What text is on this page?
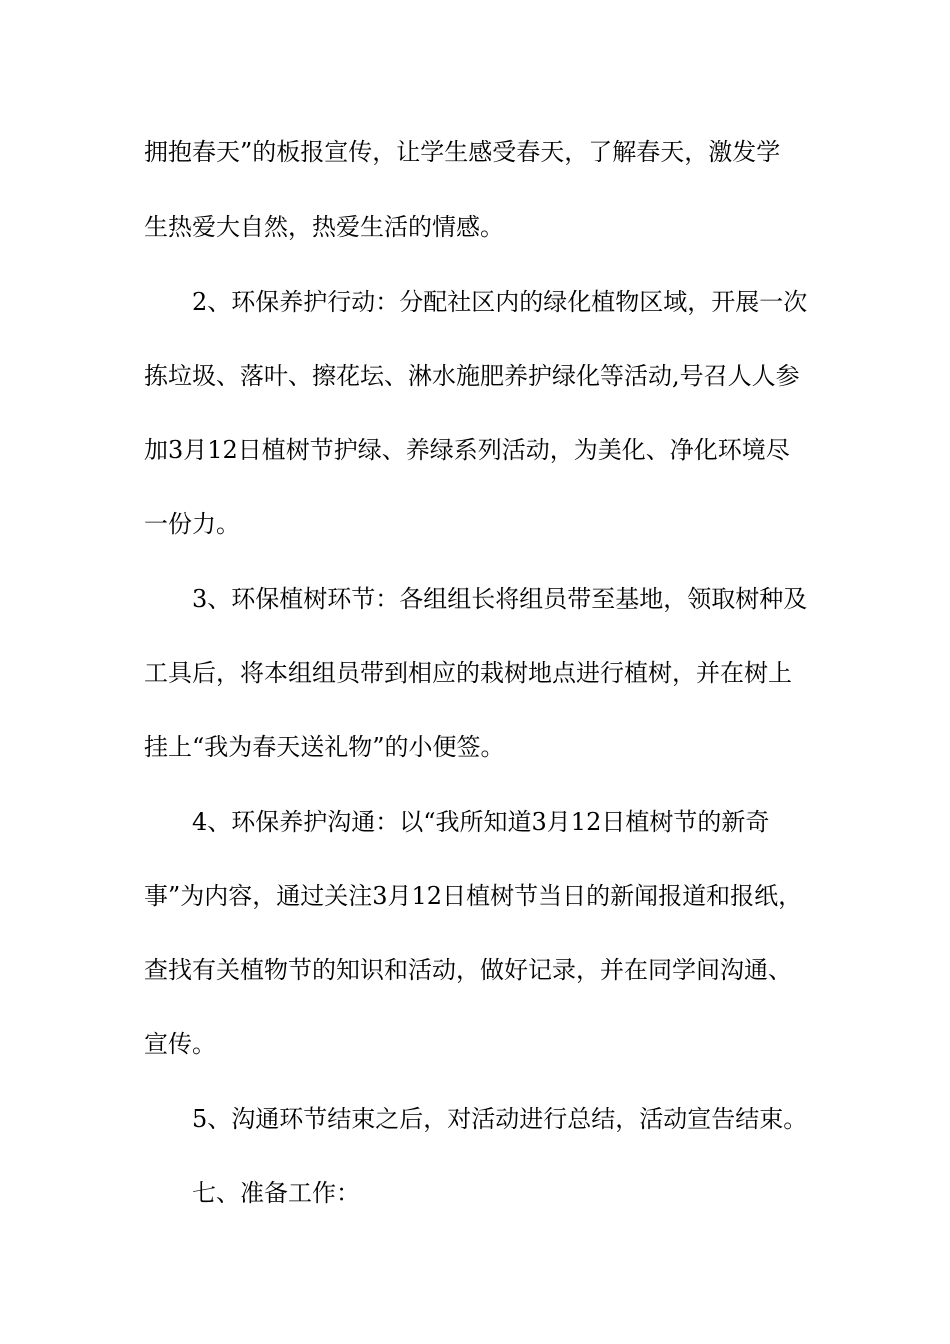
拥抱春天”的板报宣传，让学生感受春天，了解春天，激发学
生热爱大自然，热爱生活的情感。
2、环保养护行动：分配社区内的绿化植物区域，开展一次
拣垃圾、落叶、擦花坛、淋水施肥养护绿化等活动,号召人人参
加3月12日植树节护绿、养绿系列活动，为美化、净化环境尽
一份力。
3、环保植树环节：各组组长将组员带至基地，领取树种及
工具后，将本组组员带到相应的栽树地点进行植树，并在树上
挂上“我为春天送礼物”的小便签。
4、环保养护沟通：以“我所知道3月12日植树节的新奇
事”为内容，通过关注3月12日植树节当日的新闻报道和报纸，
查找有关植物节的知识和活动，做好记录，并在同学间沟通、
宣传。
5、沟通环节结束之后，对活动进行总结，活动宣告结束。
七、准备工作：
